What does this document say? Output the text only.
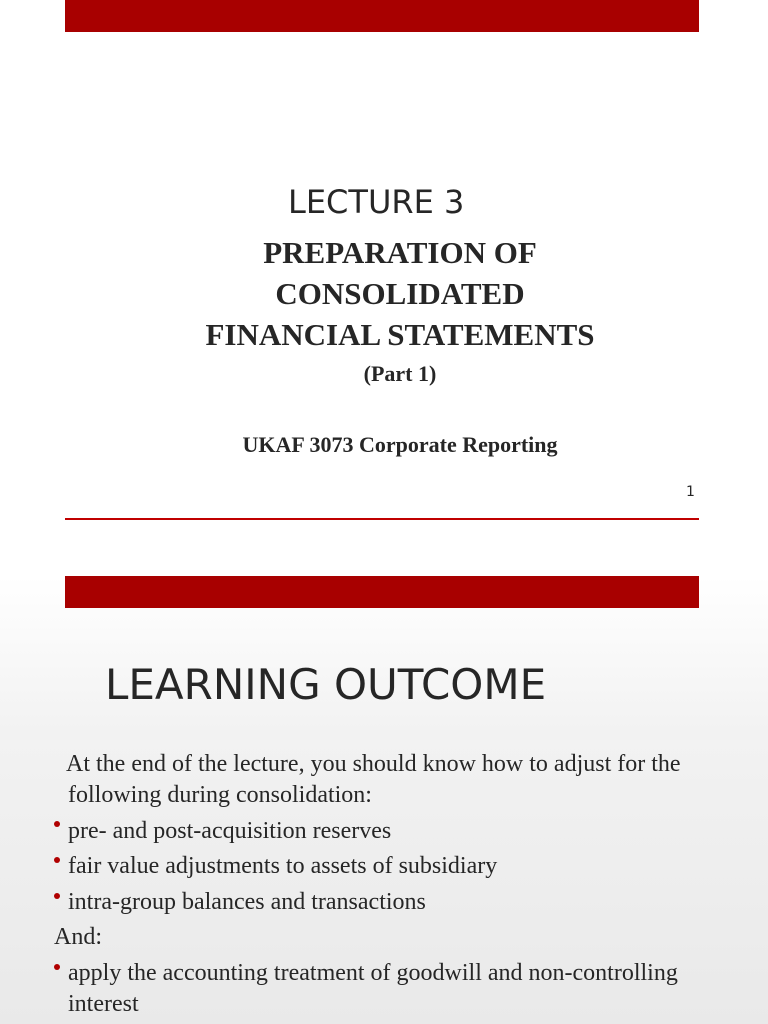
LECTURE 3
PREPARATION OF
CONSOLIDATED
FINANCIAL STATEMENTS
(Part 1)
UKAF 3073 Corporate Reporting
1
LEARNING OUTCOME
At the end of the lecture, you should know how to adjust for the
following during consolidation:
pre- and post-acquisition reserves
fair value adjustments to assets of subsidiary
intra-group balances and transactions
And:
apply the accounting treatment of goodwill and non-controlling
interest
